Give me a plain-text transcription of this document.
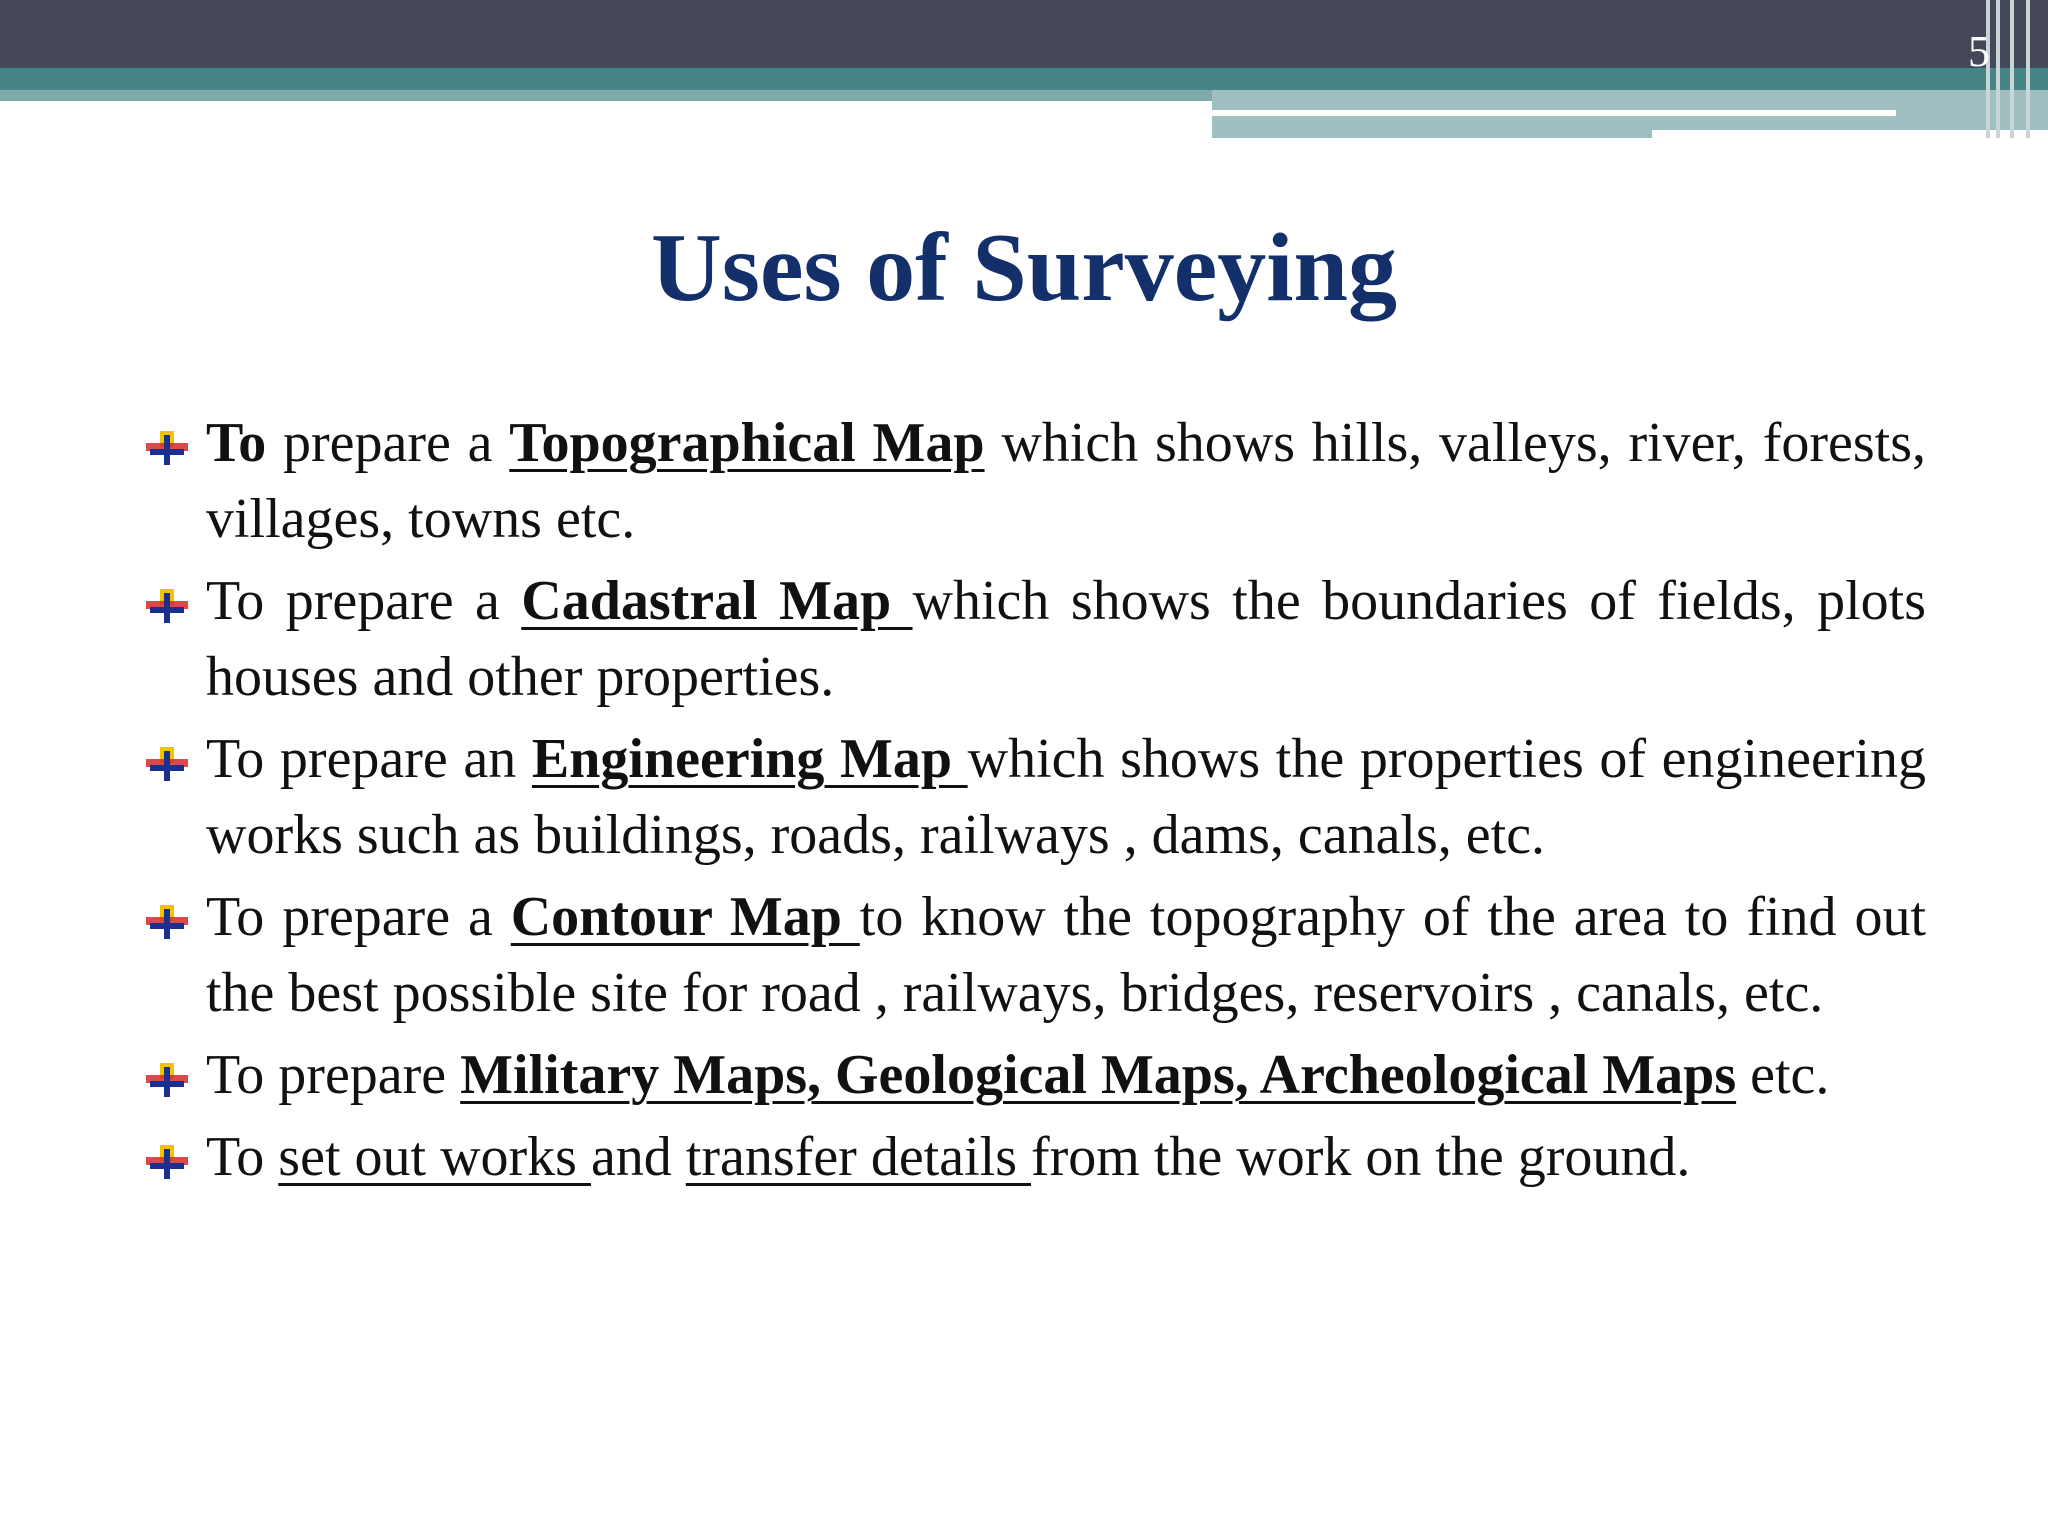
5
Uses of Surveying
To prepare a Topographical Map which shows hills, valleys, river, forests, villages, towns etc.
To prepare a Cadastral Map which shows the boundaries of fields, plots houses and other properties.
To prepare an Engineering Map which shows the properties of engineering works such as buildings, roads, railways , dams, canals, etc.
To prepare a Contour Map to know the topography of the area to find out the best possible site for road , railways, bridges, reservoirs , canals, etc.
To prepare Military Maps, Geological Maps, Archeological Maps etc.
To set out works and transfer details from the work on the ground.
